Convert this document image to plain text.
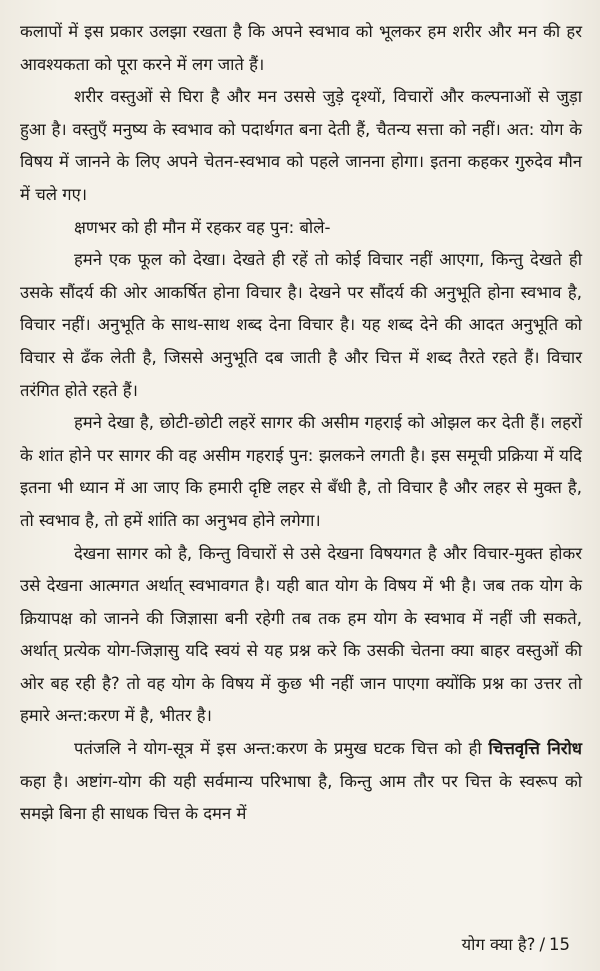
कलापों में इस प्रकार उलझा रखता है कि अपने स्वभाव को भूलकर हम शरीर और मन की हर आवश्यकता को पूरा करने में लग जाते हैं।

शरीर वस्तुओं से घिरा है और मन उससे जुड़े दृश्यों, विचारों और कल्पनाओं से जुड़ा हुआ है। वस्तुएँ मनुष्य के स्वभाव को पदार्थगत बना देती हैं, चैतन्य सत्ता को नहीं। अत: योग के विषय में जानने के लिए अपने चेतन-स्वभाव को पहले जानना होगा। इतना कहकर गुरुदेव मौन में चले गए।

क्षणभर को ही मौन में रहकर वह पुन: बोले-

हमने एक फूल को देखा। देखते ही रहें तो कोई विचार नहीं आएगा, किन्तु देखते ही उसके सौंदर्य की ओर आकर्षित होना विचार है। देखने पर सौंदर्य की अनुभूति होना स्वभाव है, विचार नहीं। अनुभूति के साथ-साथ शब्द देना विचार है। यह शब्द देने की आदत अनुभूति को विचार से ढँक लेती है, जिससे अनुभूति दब जाती है और चित्त में शब्द तैरते रहते हैं। विचार तरंगित होते रहते हैं।

हमने देखा है, छोटी-छोटी लहरें सागर की असीम गहराई को ओझल कर देती हैं। लहरों के शांत होने पर सागर की वह असीम गहराई पुन: झलकने लगती है। इस समूची प्रक्रिया में यदि इतना भी ध्यान में आ जाए कि हमारी दृष्टि लहर से बँधी है, तो विचार है और लहर से मुक्त है, तो स्वभाव है, तो हमें शांति का अनुभव होने लगेगा।

देखना सागर को है, किन्तु विचारों से उसे देखना विषयगत है और विचार-मुक्त होकर उसे देखना आत्मगत अर्थात् स्वभावगत है। यही बात योग के विषय में भी है। जब तक योग के क्रियापक्ष को जानने की जिज्ञासा बनी रहेगी तब तक हम योग के स्वभाव में नहीं जी सकते, अर्थात् प्रत्येक योग-जिज्ञासु यदि स्वयं से यह प्रश्न करे कि उसकी चेतना क्या बाहर वस्तुओं की ओर बह रही है? तो वह योग के विषय में कुछ भी नहीं जान पाएगा क्योंकि प्रश्न का उत्तर तो हमारे अन्त:करण में है, भीतर है।

पतंजलि ने योग-सूत्र में इस अन्त:करण के प्रमुख घटक चित्त को ही चित्तवृत्ति निरोध कहा है। अष्टांग-योग की यही सर्वमान्य परिभाषा है, किन्तु आम तौर पर चित्त के स्वरूप को समझे बिना ही साधक चित्त के दमन में

योग क्या है? / 15
